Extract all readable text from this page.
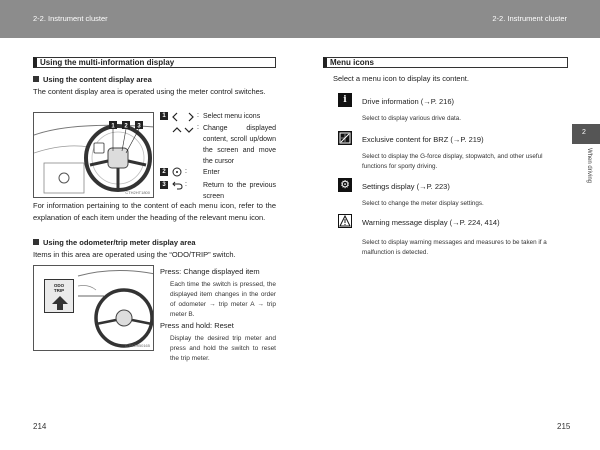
2-2. Instrument cluster	2-2. Instrument cluster
Using the multi-information display
Using the content display area
The content display area is operated using the meter control switches.
1 2 3
CTH2HT1800
1	: Select menu icons
: Change displayed content, scroll up/down the screen and move the cursor
2	: Enter
3	: Return to the previous screen
For information pertaining to the content of each menu icon, refer to the explanation of each item under the heading of the relevant menu icon.
Using the odometer/trip meter display area
Items in this area are operated using the “ODO/TRIP” switch.
CTH2HB0165
ODO
TRIP
Press: Change displayed item
Each time the switch is pressed, the displayed item changes in the order of odometer → trip meter A → trip meter B.
Press and hold: Reset
Display the desired trip meter and press and hold the switch to reset the trip meter.
214
Menu icons
Select a menu icon to display its content.
i	Drive information (→P. 216)
Select to display various drive data.
Exclusive content for BRZ (→P. 219)
Select to display the G-force display, stopwatch, and other useful functions for sporty driving.
⚙ Settings display (→P. 223)
Select to change the meter display settings.
Warning message display (→P. 224, 414)
Select to display warning messages and measures to be taken if a malfunction is detected.
2
When driving
215
